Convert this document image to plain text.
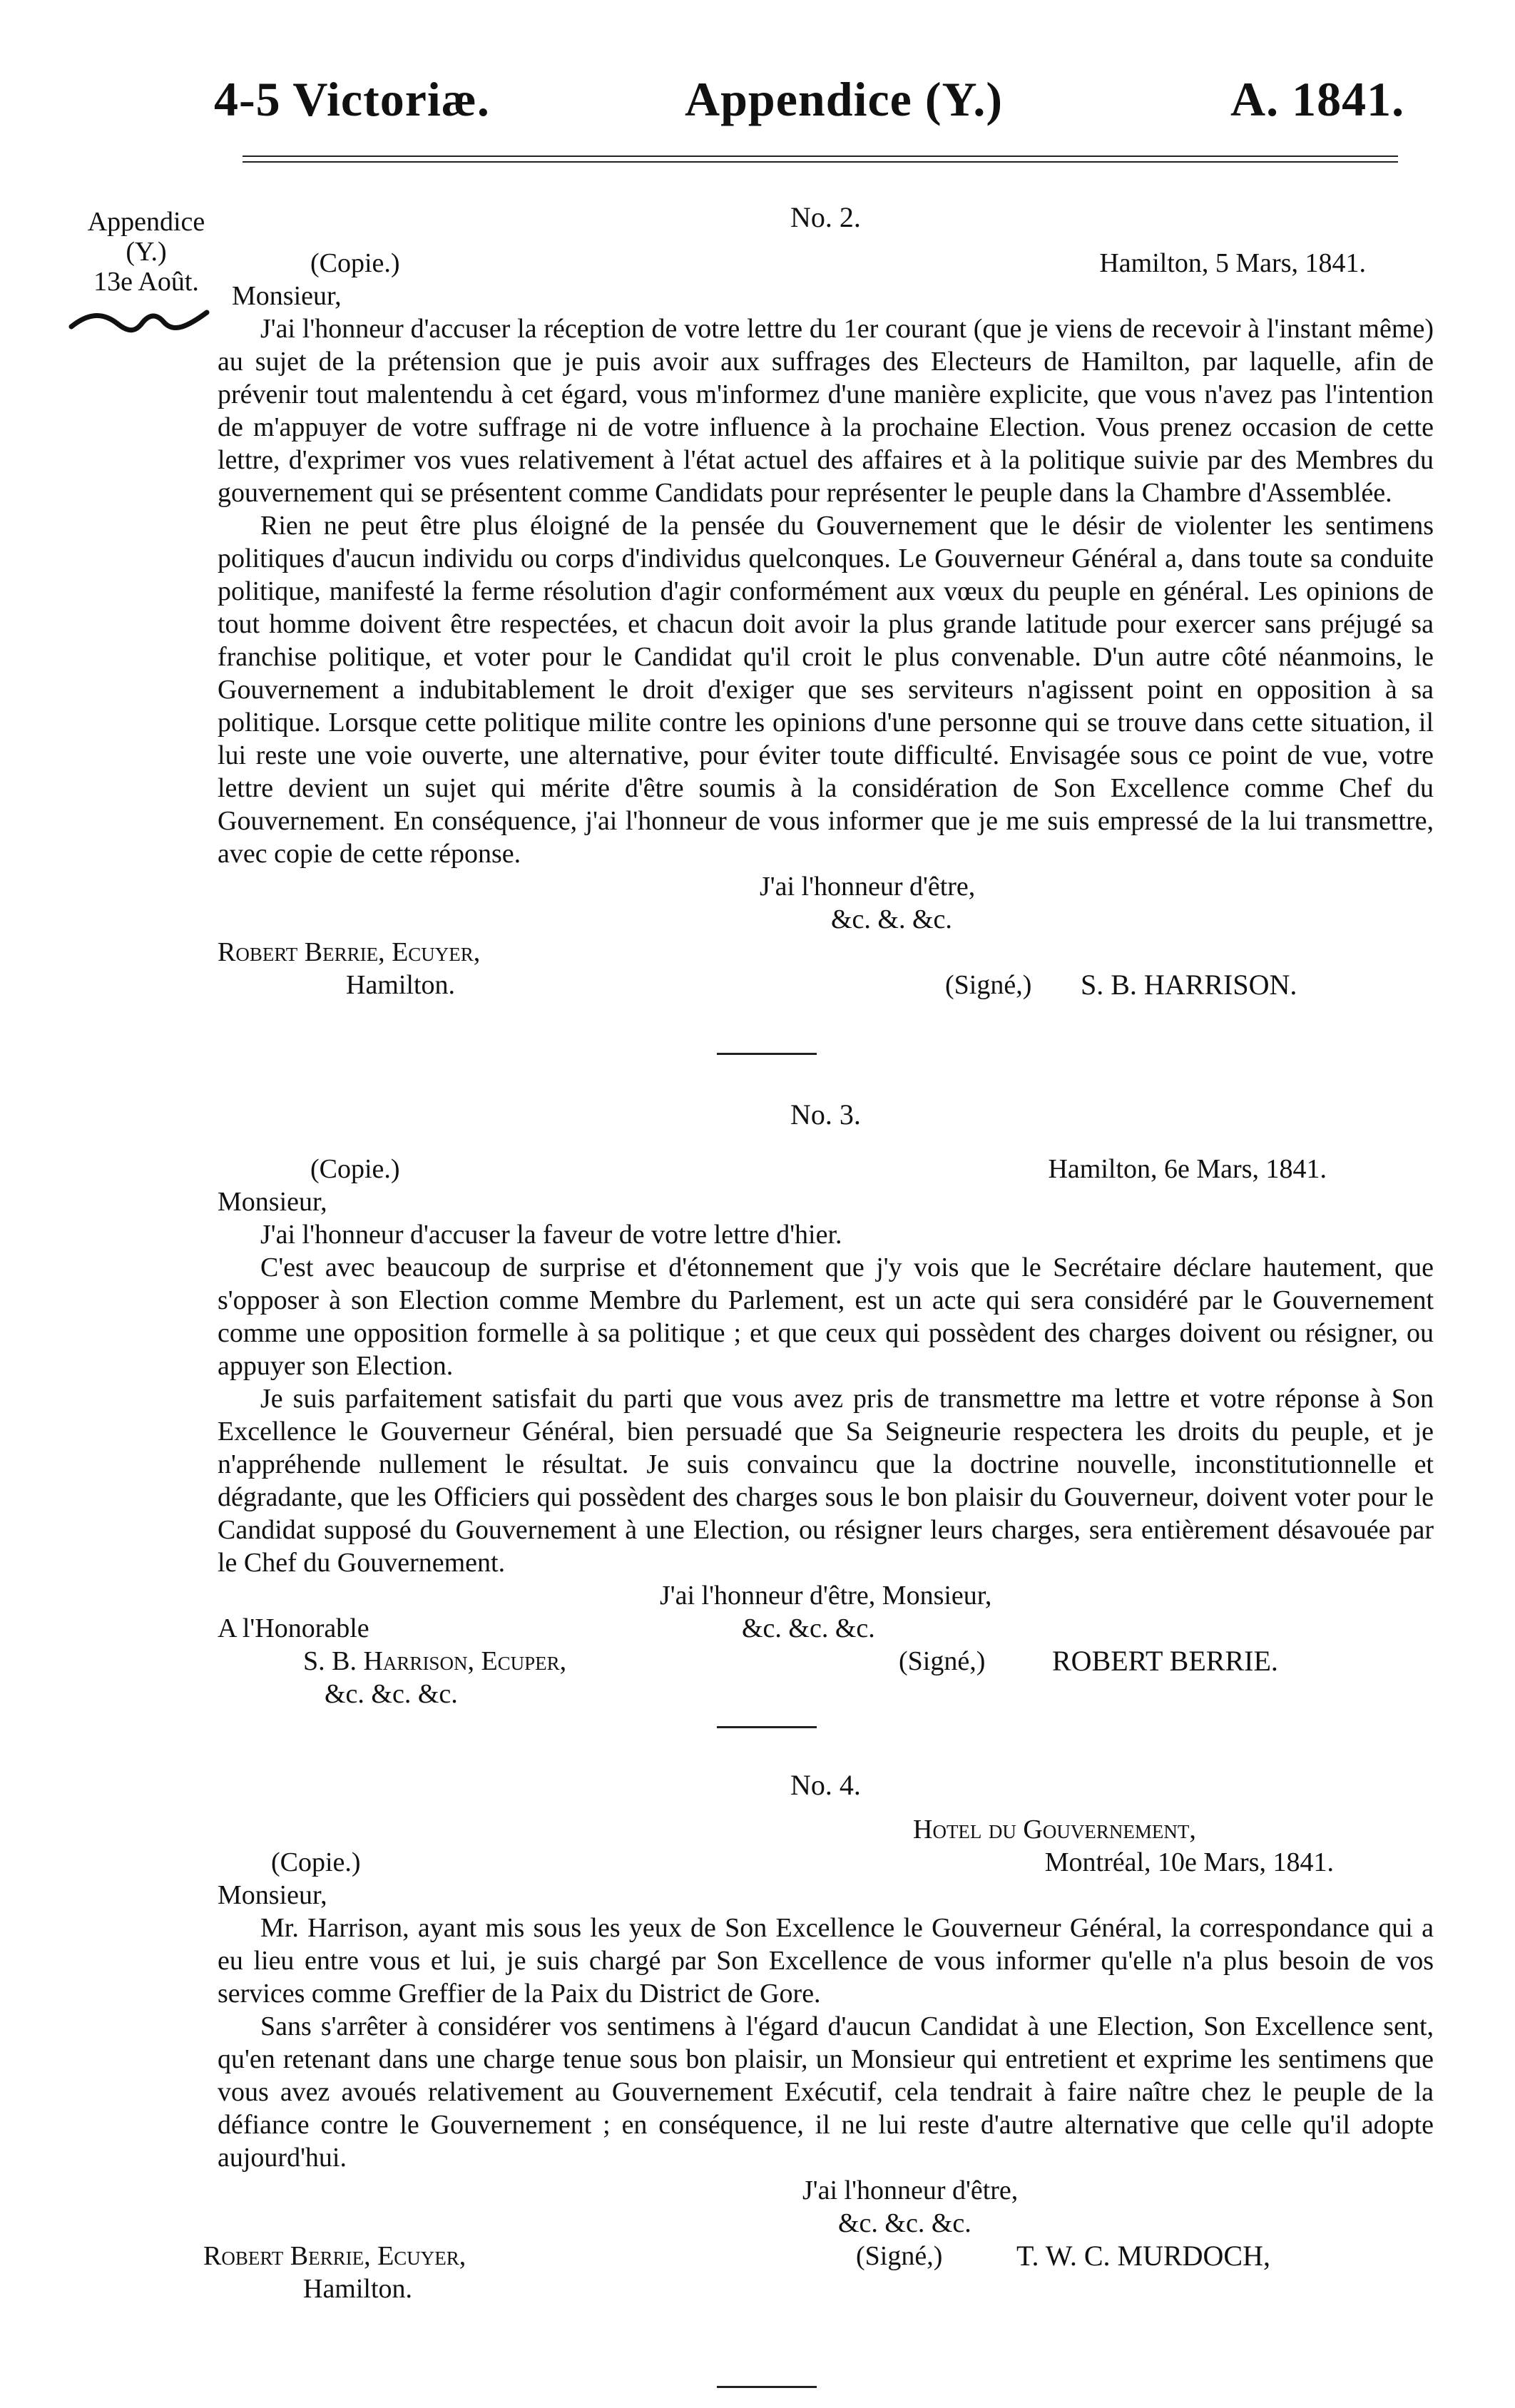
4-5 Victoriæ.	Appendice (Y.)	A. 1841.
Appendice
(Y.)
13e Août.

No. 2.

(Copie.)	Hamilton, 5 Mars, 1841.
Monsieur,

J'ai l'honneur d'accuser la réception de votre lettre du 1er courant (que je viens de recevoir à l'instant même) au sujet de la prétension que je puis avoir aux suffrages des Electeurs de Hamilton, par laquelle, afin de prévenir tout malentendu à cet égard, vous m'informez d'une manière explicite, que vous n'avez pas l'intention de m'appuyer de votre suffrage ni de votre influence à la prochaine Election. Vous prenez occasion de cette lettre, d'exprimer vos vues relativement à l'état actuel des affaires et à la politique suivie par des Membres du gouvernement qui se présentent comme Candidats pour représenter le peuple dans la Chambre d'Assemblée.

Rien ne peut être plus éloigné de la pensée du Gouvernement que le désir de violenter les sentimens politiques d'aucun individu ou corps d'individus quelconques. Le Gouverneur Général a, dans toute sa conduite politique, manifesté la ferme résolution d'agir conformément aux vœux du peuple en général. Les opinions de tout homme doivent être respectées, et chacun doit avoir la plus grande latitude pour exercer sans préjugé sa franchise politique, et voter pour le Candidat qu'il croit le plus convenable. D'un autre côté néanmoins, le Gouvernement a indubitablement le droit d'exiger que ses serviteurs n'agissent point en opposition à sa politique. Lorsque cette politique milite contre les opinions d'une personne qui se trouve dans cette situation, il lui reste une voie ouverte, une alternative, pour éviter toute difficulté. Envisagée sous ce point de vue, votre lettre devient un sujet qui mérite d'être soumis à la considération de Son Excellence comme Chef du Gouvernement. En conséquence, j'ai l'honneur de vous informer que je me suis empressé de la lui transmettre, avec copie de cette réponse.

J'ai l'honneur d'être,
&c. &. &c.
Robert Berrie, Ecuyer,
Hamilton.	(Signé,) S. B. HARRISON.

No. 3.

(Copie.)	Hamilton, 6e Mars, 1841.
Monsieur,

J'ai l'honneur d'accuser la faveur de votre lettre d'hier.

C'est avec beaucoup de surprise et d'étonnement que j'y vois que le Secrétaire déclare hautement, que s'opposer à son Election comme Membre du Parlement, est un acte qui sera considéré par le Gouvernement comme une opposition formelle à sa politique ; et que ceux qui possèdent des charges doivent ou résigner, ou appuyer son Election.

Je suis parfaitement satisfait du parti que vous avez pris de transmettre ma lettre et votre réponse à Son Excellence le Gouverneur Général, bien persuadé que Sa Seigneurie respectera les droits du peuple, et je n'appréhende nullement le résultat. Je suis convaincu que la doctrine nouvelle, inconstitutionnelle et dégradante, que les Officiers qui possèdent des charges sous le bon plaisir du Gouverneur, doivent voter pour le Candidat supposé du Gouvernement à une Election, ou résigner leurs charges, sera entièrement désavouée par le Chef du Gouvernement.

J'ai l'honneur d'être, Monsieur,
A l'Honorable	&c. &c. &c.
S. B. Harrison, Ecuper,	(Signé,) ROBERT BERRIE.
&c. &c. &c.

No. 4.

Hotel du Gouvernement,
(Copie.)	Montréal, 10e Mars, 1841.
Monsieur,

Mr. Harrison, ayant mis sous les yeux de Son Excellence le Gouverneur Général, la correspondance qui a eu lieu entre vous et lui, je suis chargé par Son Excellence de vous informer qu'elle n'a plus besoin de vos services comme Greffier de la Paix du District de Gore.

Sans s'arrêter à considérer vos sentimens à l'égard d'aucun Candidat à une Election, Son Excellence sent, qu'en retenant dans une charge tenue sous bon plaisir, un Monsieur qui entretient et exprime les sentimens que vous avez avoués relativement au Gouvernement Exécutif, cela tendrait à faire naître chez le peuple de la défiance contre le Gouvernement ; en conséquence, il ne lui reste d'autre alternative que celle qu'il adopte aujourd'hui.

J'ai l'honneur d'être,
&c. &c. &c.
Robert Berrie, Ecuyer,	(Signé,)	T. W. C. MURDOCH,
Hamilton.
